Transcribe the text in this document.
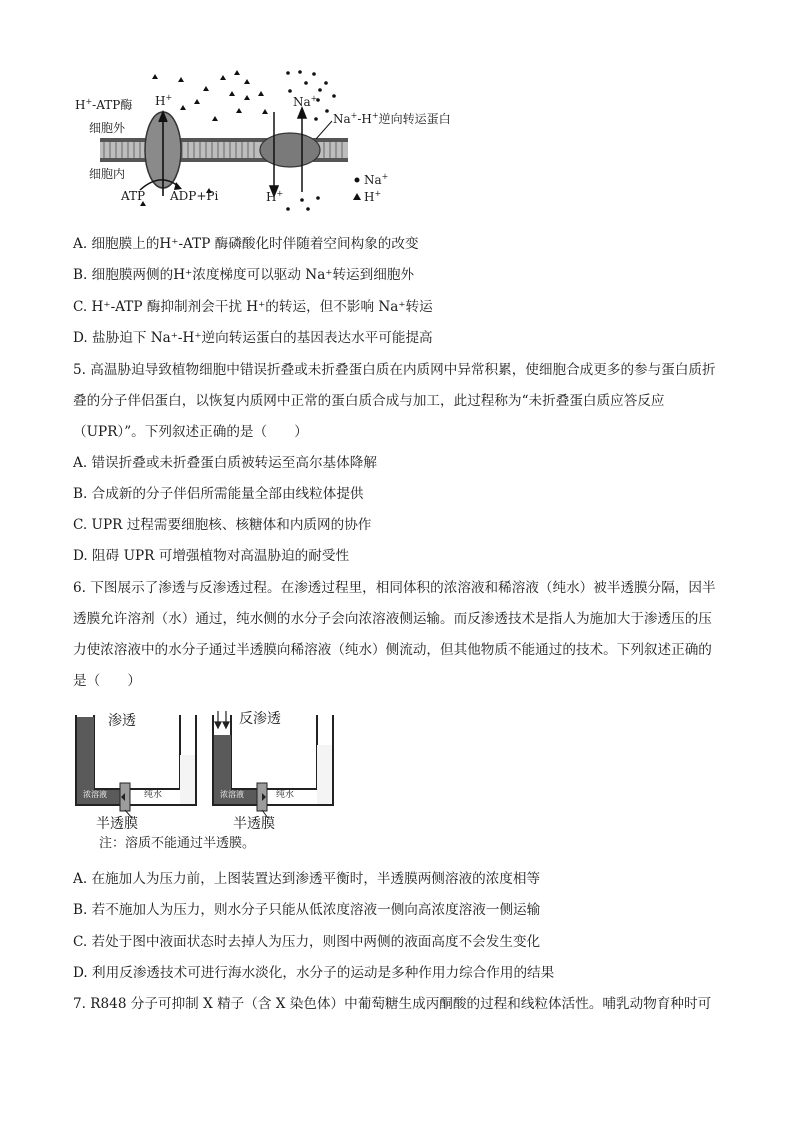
H+-ATP酶
细胞外
细胞内
H+	Na+
Na+-H+逆向转运蛋白
ATP ADP+Pi	H+
Na+
H+
A. 细胞膜上的H⁺-ATP 酶磷酸化时伴随着空间构象的改变
B. 细胞膜两侧的H⁺浓度梯度可以驱动 Na⁺转运到细胞外
C. H⁺-ATP 酶抑制剂会干扰 H⁺的转运，但不影响 Na⁺转运
D. 盐胁迫下 Na⁺-H⁺逆向转运蛋白的基因表达水平可能提高
5. 高温胁迫导致植物细胞中错误折叠或未折叠蛋白质在内质网中异常积累，使细胞合成更多的参与蛋白质折叠的分子伴侣蛋白，以恢复内质网中正常的蛋白质合成与加工，此过程称为“未折叠蛋白质应答反应（UPR）”。下列叙述正确的是（　　）
A. 错误折叠或未折叠蛋白质被转运至高尔基体降解
B. 合成新的分子伴侣所需能量全部由线粒体提供
C. UPR 过程需要细胞核、核糖体和内质网的协作
D. 阻碍 UPR 可增强植物对高温胁迫的耐受性
6. 下图展示了渗透与反渗透过程。在渗透过程里，相同体积的浓溶液和稀溶液（纯水）被半透膜分隔，因半透膜允许溶剂（水）通过，纯水侧的水分子会向浓溶液侧运输。而反渗透技术是指人为施加大于渗透压的压力使浓溶液中的水分子通过半透膜向稀溶液（纯水）侧流动，但其他物质不能通过的技术。下列叙述正确的是（　　）
渗透	反渗透
浓溶液	纯水	浓溶液	纯水
半透膜	半透膜
注：溶质不能通过半透膜。
A. 在施加人为压力前，上图装置达到渗透平衡时，半透膜两侧溶液的浓度相等
B. 若不施加人为压力，则水分子只能从低浓度溶液一侧向高浓度溶液一侧运输
C. 若处于图中液面状态时去掉人为压力，则图中两侧的液面高度不会发生变化
D. 利用反渗透技术可进行海水淡化，水分子的运动是多种作用力综合作用的结果
7. R848 分子可抑制 X 精子（含 X 染色体）中葡萄糖生成丙酮酸的过程和线粒体活性。哺乳动物育种时可
